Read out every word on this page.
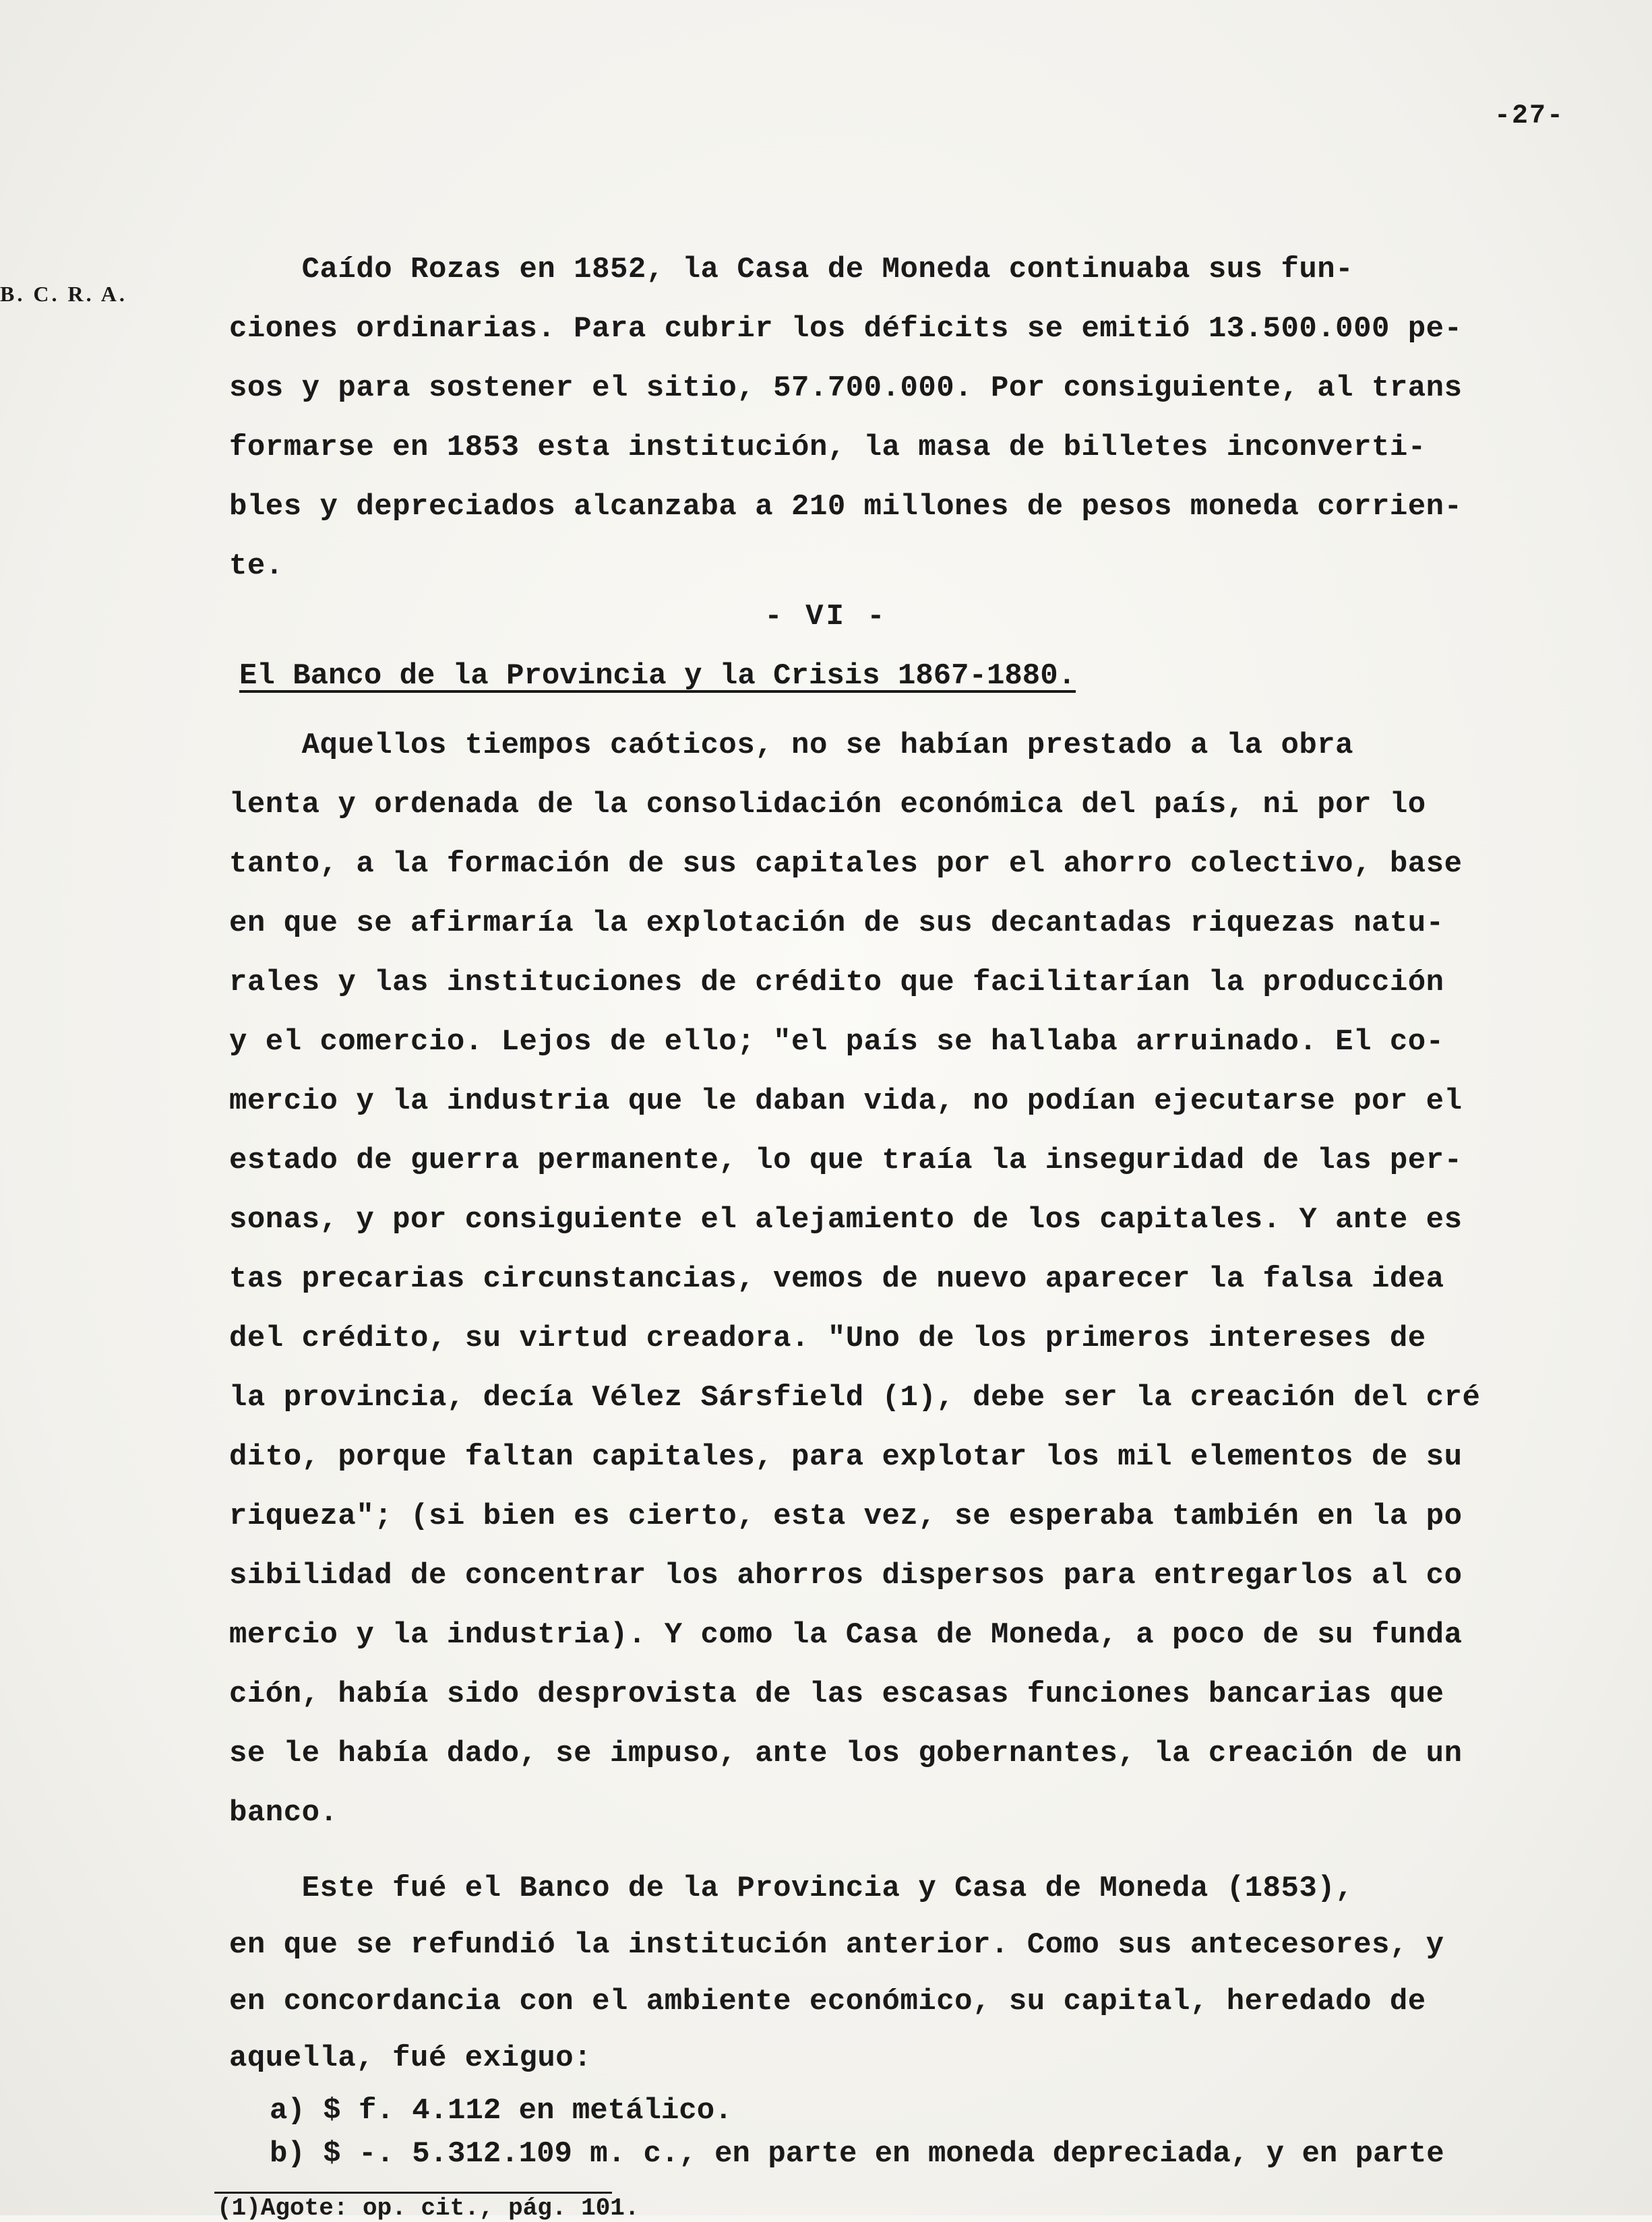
-27-
B. C. R. A.
Caído Rozas en 1852, la Casa de Moneda continuaba sus fun-
ciones ordinarias. Para cubrir los déficits se emitió 13.500.000 pe-
sos y para sostener el sitio, 57.700.000. Por consiguiente, al trans
formarse en 1853 esta institución, la masa de billetes inconverti-
bles y depreciados alcanzaba a 210 millones de pesos moneda corrien-
te.
- VI -
El Banco de la Provincia y la Crisis 1867-1880.
Aquellos tiempos caóticos, no se habían prestado a la obra
lenta y ordenada de la consolidación económica del país, ni por lo
tanto, a la formación de sus capitales por el ahorro colectivo, base
en que se afirmaría la explotación de sus decantadas riquezas natu-
rales y las instituciones de crédito que facilitarían la producción
y el comercio. Lejos de ello; "el país se hallaba arruinado. El co-
mercio y la industria que le daban vida, no podían ejecutarse por el
estado de guerra permanente, lo que traía la inseguridad de las per-
sonas, y por consiguiente el alejamiento de los capitales. Y ante es
tas precarias circunstancias, vemos de nuevo aparecer la falsa idea
del crédito, su virtud creadora. "Uno de los primeros intereses de
la provincia, decía Vélez Sársfield (1), debe ser la creación del cré
dito, porque faltan capitales, para explotar los mil elementos de su
riqueza"; (si bien es cierto, esta vez, se esperaba también en la po
sibilidad de concentrar los ahorros dispersos para entregarlos al co
mercio y la industria). Y como la Casa de Moneda, a poco de su funda
ción, había sido desprovista de las escasas funciones bancarias que
se le había dado, se impuso, ante los gobernantes, la creación de un
banco.
Este fué el Banco de la Provincia y Casa de Moneda (1853),
en que se refundió la institución anterior. Como sus antecesores, y
en concordancia con el ambiente económico, su capital, heredado de
aquella, fué exiguo:
a) $ f. 4.112 en metálico.
b) $ -. 5.312.109 m. c., en parte en moneda depreciada, y en parte
(1)Agote: op. cit., pág. 101.
